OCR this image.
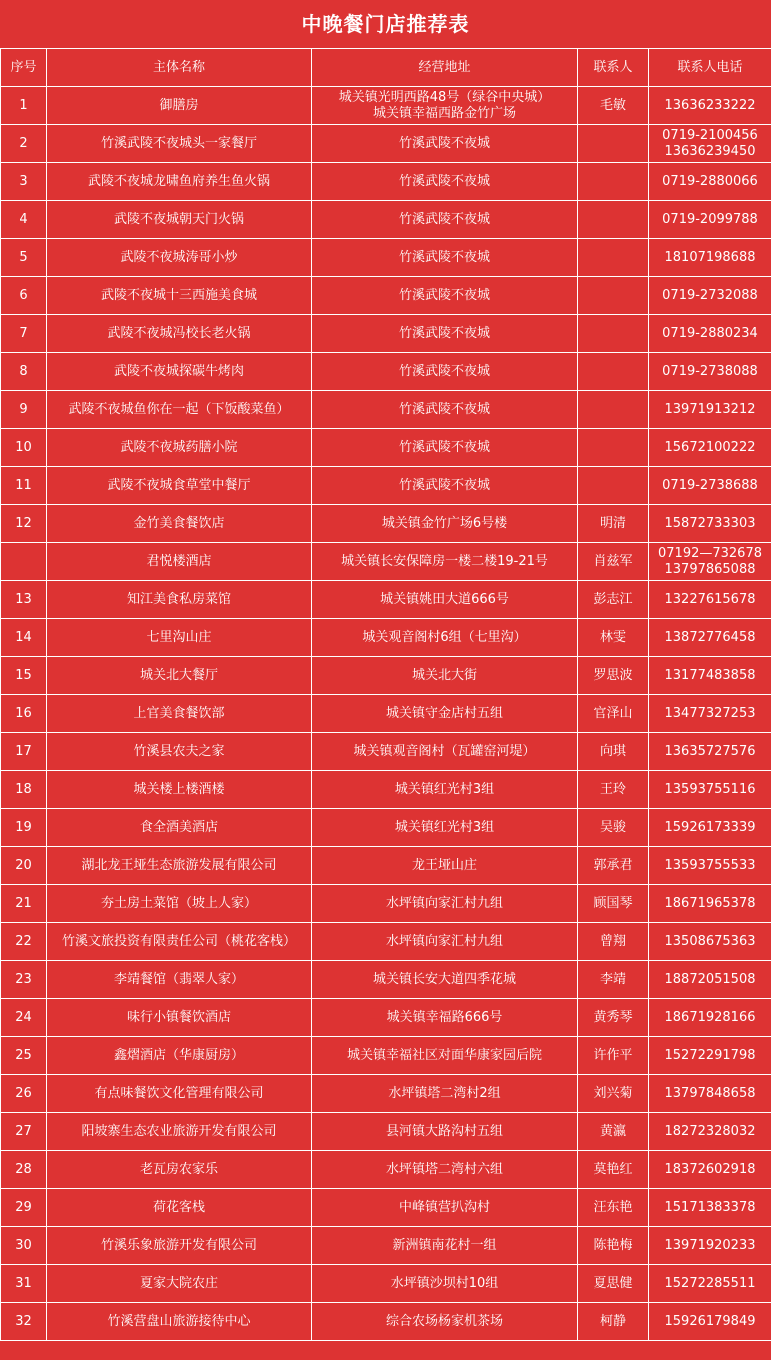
中晚餐门店推荐表
序号	主体名称	经营地址	联系人	联系人电话
1	御膳房	城关镇光明西路48号（绿谷中央城）
城关镇幸福西路金竹广场	毛敏	13636233222

2	竹溪武陵不夜城头一家餐厅	竹溪武陵不夜城		0719-2100456
13636239450

3	武陵不夜城龙啸鱼府养生鱼火锅	竹溪武陵不夜城		0719-2880066

4	武陵不夜城朝天门火锅	竹溪武陵不夜城		0719-2099788

5	武陵不夜城涛哥小炒	竹溪武陵不夜城		18107198688

6	武陵不夜城十三西施美食城	竹溪武陵不夜城		0719-2732088

7	武陵不夜城冯校长老火锅	竹溪武陵不夜城		0719-2880234

8	武陵不夜城探碳牛烤肉	竹溪武陵不夜城		0719-2738088

9	武陵不夜城鱼你在一起（下饭酸菜鱼）	竹溪武陵不夜城		13971913212

10	武陵不夜城药膳小院	竹溪武陵不夜城		15672100222

11	武陵不夜城食草堂中餐厅	竹溪武陵不夜城		0719-2738688

12	金竹美食餐饮店	城关镇金竹广场6号楼	明清	15872733303

	君悦楼酒店	城关镇长安保障房一楼二楼19-21号	肖兹军	07192—732678
13797865088

13	知江美食私房菜馆	城关镇姚田大道666号	彭志江	13227615678

14	七里沟山庄	城关观音阁村6组（七里沟）	林雯	13872776458

15	城关北大餐厅	城关北大街	罗思波	13177483858

16	上官美食餐饮部	城关镇守金店村五组	官泽山	13477327253

17	竹溪县农夫之家	城关镇观音阁村（瓦罐窑河堤）	向琪	13635727576

18	城关楼上楼酒楼	城关镇红光村3组	王玲	13593755116

19	食全酒美酒店	城关镇红光村3组	吴骏	15926173339

20	湖北龙王垭生态旅游发展有限公司	龙王垭山庄	郭承君	13593755533

21	夯土房土菜馆（坡上人家）	水坪镇向家汇村九组	顾国琴	18671965378

22	竹溪文旅投资有限责任公司（桃花客栈）	水坪镇向家汇村九组	曾翔	13508675363

23	李靖餐馆（翡翠人家）	城关镇长安大道四季花城	李靖	18872051508

24	味行小镇餐饮酒店	城关镇幸福路666号	黄秀琴	18671928166

25	鑫熠酒店（华康厨房）	城关镇幸福社区对面华康家园后院	许作平	15272291798

26	有点味餐饮文化管理有限公司	水坪镇塔二湾村2组	刘兴菊	13797848658

27	阳坡寨生态农业旅游开发有限公司	县河镇大路沟村五组	黄瀛	18272328032

28	老瓦房农家乐	水坪镇塔二湾村六组	莫艳红	18372602918

29	荷花客栈	中峰镇营扒沟村	汪东艳	15171383378

30	竹溪乐象旅游开发有限公司	新洲镇南花村一组	陈艳梅	13971920233

31	夏家大院农庄	水坪镇沙坝村10组	夏思健	15272285511

32	竹溪营盘山旅游接待中心	综合农场杨家机茶场	柯静	15926179849
